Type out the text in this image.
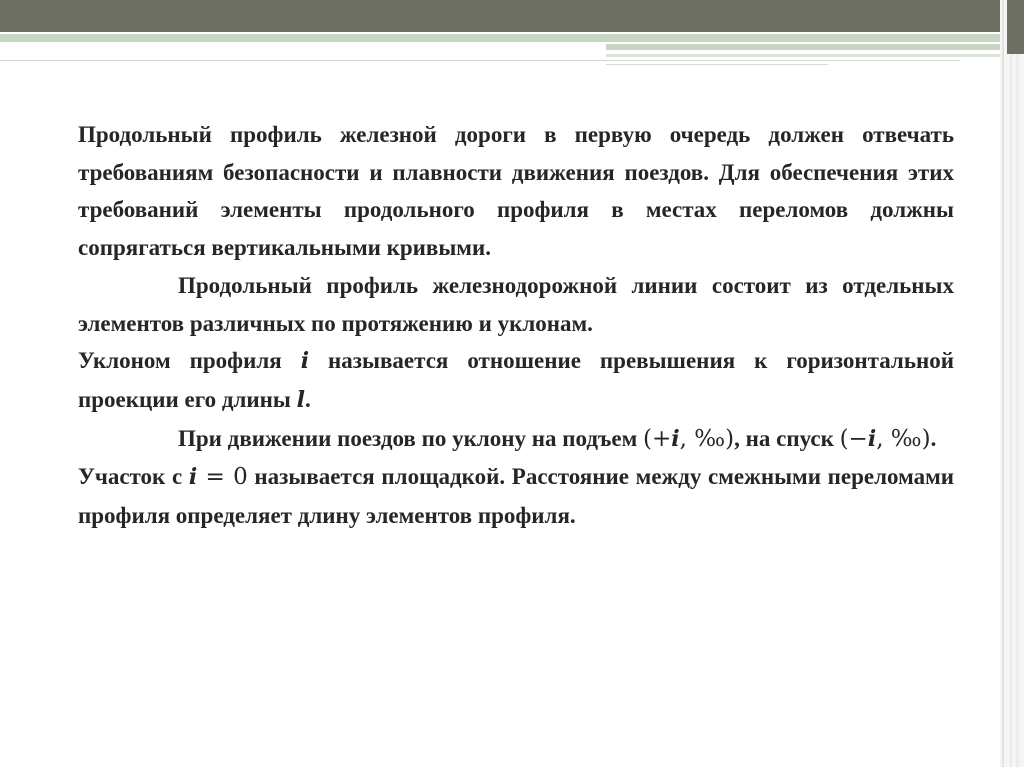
Продольный профиль железной дороги в первую очередь должен отвечать требованиям безопасности и плавности движения поездов. Для обеспечения этих требований элементы продольного профиля в местах переломов должны сопрягаться вертикальными кривыми.

Продольный профиль железнодорожной линии состоит из отдельных элементов различных по протяжению и уклонам.

Уклоном профиля i называется отношение превышения к горизонтальной проекции его длины l.

При движении поездов по уклону на подъем (+i, ‰), на спуск (−i, ‰).

Участок с i = 0 называется площадкой. Расстояние между смежными переломами профиля определяет длину элементов профиля.
